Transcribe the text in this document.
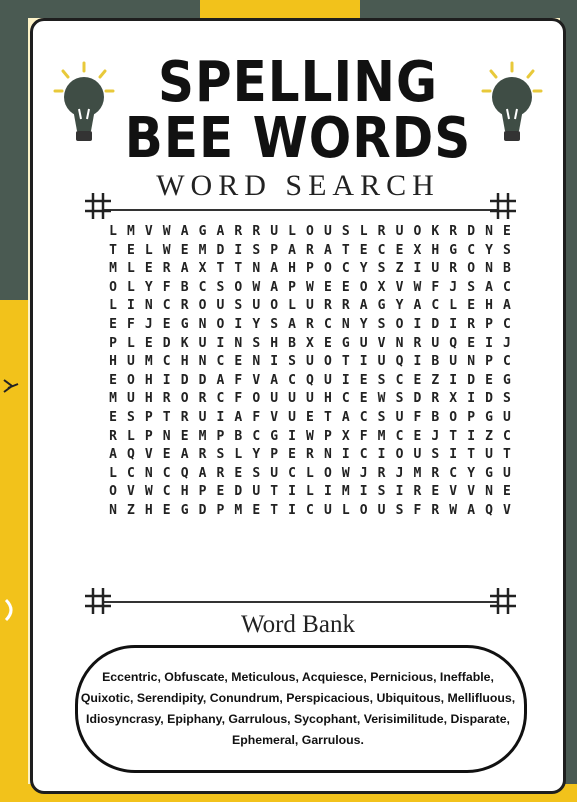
SPELLING
BEE WORDS
WORD SEARCH
L M V W A G A R R U L O U S L R U O K R D N E
T E L W E M D I S P A R A T E C E X H G C Y S
M L E R A X T T N A H P O C Y S Z I U R O N B
O L Y F B C S O W A P W E E O X V W F J S A C
L I N C R O U S U O L U R R A G Y A C L E H A
E F J E G N O I Y S A R C N Y S O I D I R P C
P L E D K U I N S H B X E G U V N R U Q E I J
H U M C H N C E N I S U O T I U Q I B U N P C
E O H I D D A F V A C Q U I E S C E Z I D E G
M U H R O R C F O U U U H C E W S D R X I D S
E S P T R U I A F V U E T A C S U F B O P G U
R L P N E M P B C G I W P X F M C E J T I Z C
A Q V E A R S L Y P E R N I C I O U S I T U T
L C N C Q A R E S U C L O W J R J M R C Y G U
O V W C H P E D U T I L I M I S I R E V V N E
N Z H E G D P M E T I C U L O U S F R W A Q V
Word Bank
Eccentric, Obfuscate, Meticulous, Acquiesce, Pernicious, Ineffable, Quixotic, Serendipity, Conundrum, Perspicacious, Ubiquitous, Mellifluous, Idiosyncrasy, Epiphany, Garrulous, Sycophant, Verisimilitude, Disparate, Ephemeral, Garrulous.
